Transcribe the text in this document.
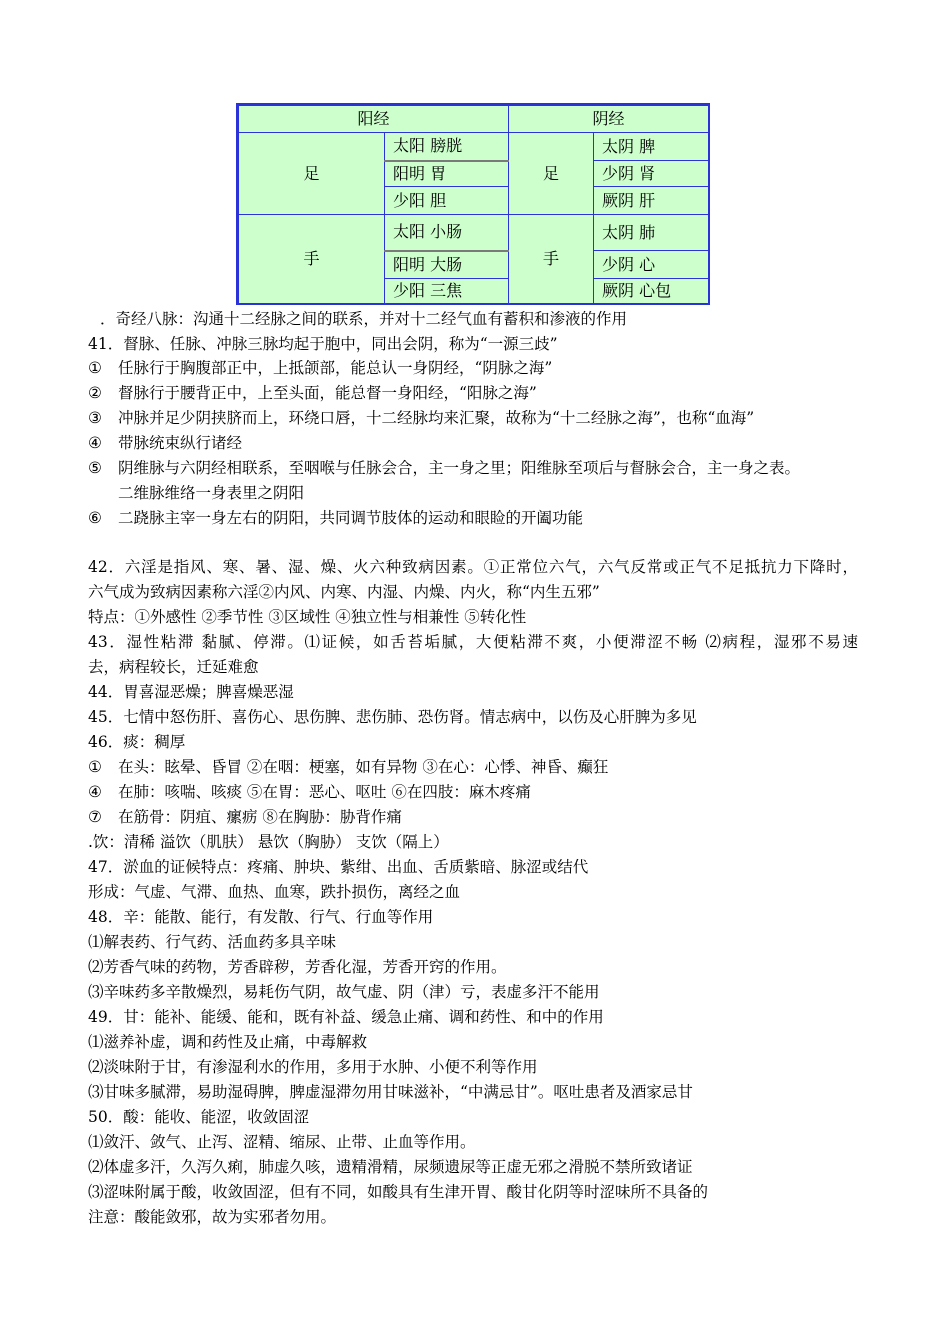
阳经		阴经	
足	太阳 膀胱	足	太阴 脾
	阳明 胃		少阴 肾
	少阳 胆		厥阴 肝
手	太阳 小肠	手	太阴 肺
	阳明 大肠		少阴 心
	少阳 三焦		厥阴 心包
．奇经八脉：沟通十二经脉之间的联系，并对十二经气血有蓄积和渗液的作用
41．督脉、任脉、冲脉三脉均起于胞中，同出会阴，称为“一源三歧”
① 任脉行于胸腹部正中，上抵颌部，能总认一身阴经，“阴脉之海”
② 督脉行于腰背正中，上至头面，能总督一身阳经，“阳脉之海”
③ 冲脉并足少阴挟脐而上，环绕口唇，十二经脉均来汇聚，故称为“十二经脉之海”，也称“血海”
④ 带脉统束纵行诸经
⑤ 阴维脉与六阴经相联系，至咽喉与任脉会合，主一身之里；阳维脉至项后与督脉会合，主一身之表。
二维脉维络一身表里之阴阳
⑥ 二跷脉主宰一身左右的阴阳，共同调节肢体的运动和眼睑的开阖功能
42．六淫是指风、寒、暑、湿、燥、火六种致病因素。①正常位六气，六气反常或正气不足抵抗力下降时，
六气成为致病因素称六淫②内风、内寒、内湿、内燥、内火，称“内生五邪”
特点：①外感性 ②季节性 ③区域性 ④独立性与相兼性 ⑤转化性
43．湿性粘滞 黏腻、停滞。⑴证候，如舌苔垢腻，大便粘滞不爽，小便滞涩不畅 ⑵病程，湿邪不易速
去，病程较长，迁延难愈
44．胃喜湿恶燥；脾喜燥恶湿
45．七情中怒伤肝、喜伤心、思伤脾、悲伤肺、恐伤肾。情志病中，以伤及心肝脾为多见
46．痰：稠厚
① 在头：眩晕、昏冒 ②在咽：梗塞，如有异物 ③在心：心悸、神昏、癫狂
④ 在肺：咳喘、咳痰 ⑤在胃：恶心、呕吐 ⑥在四肢：麻木疼痛
⑦ 在筋骨：阴疽、瘰疬 ⑧在胸胁：胁背作痛
.饮：清稀 溢饮（肌肤） 悬饮（胸胁） 支饮（隔上）
47．淤血的证候特点：疼痛、肿块、紫绀、出血、舌质紫暗、脉涩或结代
形成：气虚、气滞、血热、血寒，跌扑损伤，离经之血
48．辛：能散、能行，有发散、行气、行血等作用
⑴解表药、行气药、活血药多具辛味
⑵芳香气味的药物，芳香辟秽，芳香化湿，芳香开窍的作用。
⑶辛味药多辛散燥烈，易耗伤气阴，故气虚、阴（津）亏，表虚多汗不能用
49．甘：能补、能缓、能和，既有补益、缓急止痛、调和药性、和中的作用
⑴滋养补虚，调和药性及止痛，中毒解救
⑵淡味附于甘，有渗湿利水的作用，多用于水肿、小便不利等作用
⑶甘味多腻滞，易助湿碍脾，脾虚湿滞勿用甘味滋补，“中满忌甘”。呕吐患者及酒家忌甘
50．酸：能收、能涩，收敛固涩
⑴敛汗、敛气、止泻、涩精、缩尿、止带、止血等作用。
⑵体虚多汗，久泻久痢，肺虚久咳，遗精滑精，尿频遗尿等正虚无邪之滑脱不禁所致诸证
⑶涩味附属于酸，收敛固涩，但有不同，如酸具有生津开胃、酸甘化阴等时涩味所不具备的
注意：酸能敛邪，故为实邪者勿用。
